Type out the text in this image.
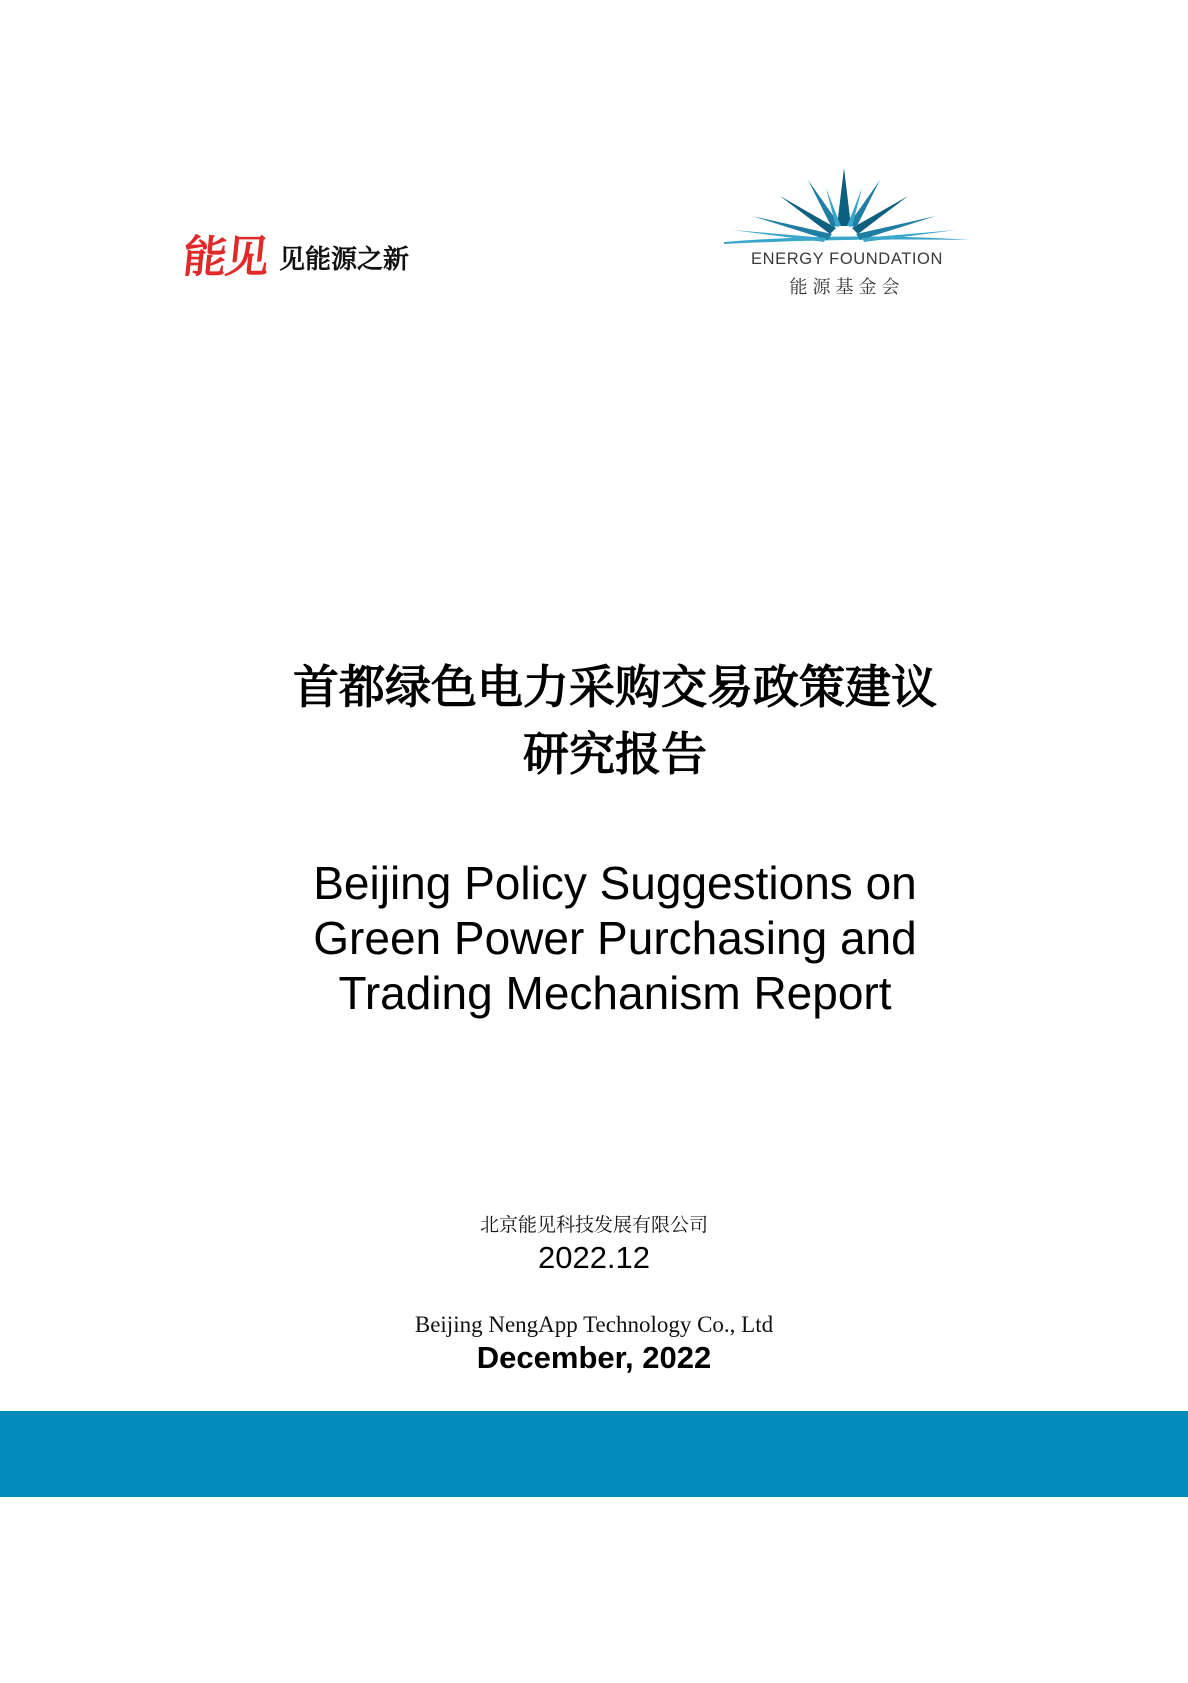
能见 见能源之新	ENERGY FOUNDATION
能源基金会
首都绿色电力采购交易政策建议
研究报告
Beijing Policy Suggestions on
Green Power Purchasing and
Trading Mechanism Report
北京能见科技发展有限公司
2022.12
Beijing NengApp Technology Co., Ltd
December, 2022
